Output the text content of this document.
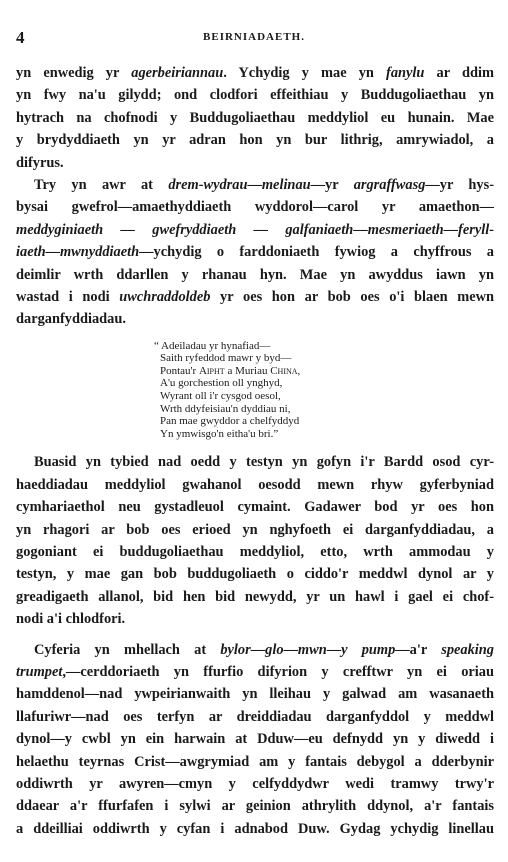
4	BEIRNIADAETH.
yn enwedig yr agerbeiriannau. Ychydig y mae yn fanylu ar ddim
yn fwy na'u gilydd; ond clodfori effeithiau y Buddugoliaethau yn
hytrach na chofnodi y Buddugoliaethau meddyliol eu hunain. Mae
y brydyddiaeth yn yr adran hon yn bur lithrig, amrywiadol, a
difyrus.
Try yn awr at drem-wydrau—melinau—yr argraffwasg—yr hys-
bysai gwefrol—amaethyddiaeth wyddorol—carol yr amaethon—
meddyginiaeth — gwefryddiaeth — galfaniaeth—mesmeriaeth—feryll-
iaeth—mwnyddiaeth—ychydig o farddoniaeth fywiog a chyffrous a
deimlir wrth ddarllen y rhanau hyn. Mae yn awyddus iawn yn
wastad i nodi uwchraddoldeb yr oes hon ar bob oes o'i blaen mewn
darganfyddiadau.
“ Adeiladau yr hynafiad—
Saith ryfeddod mawr y byd—
Pontau'r Aipht a Muriau China,
A'u gorchestion oll ynghyd,
Wyrant oll i'r cysgod oesol,
Wrth ddyfeisiau'n dyddiau ni,
Pan mae gwyddor a chelfyddyd
Yn ymwisgo'n eitha'u bri.”
Buasid yn tybied nad oedd y testyn yn gofyn i'r Bardd osod cyr-
haeddiadau meddyliol gwahanol oesodd mewn rhyw gyferbyniad
cymhariaethol neu gystadleuol cymaint. Gadawer bod yr oes hon
yn rhagori ar bob oes erioed yn nghyfoeth ei darganfyddiadau, a
gogoniant ei buddugoliaethau meddyliol, etto, wrth ammodau y
testyn, y mae gan bob buddugoliaeth o ciddo'r meddwl dynol ar y
greadigaeth allanol, bid hen bid newydd, yr un hawl i gael ei chof-
nodi a'i chlodfori.
Cyferia yn mhellach at bylor—glo—mwn—y pump—a'r speaking
trumpet,—cerddoriaeth yn ffurfio difyrion y crefftwr yn ei oriau
hamddenol—nad ywpeirianwaith yn lleihau y galwad am wasanaeth
llafuriwr—nad oes terfyn ar dreiddiadau darganfyddol y meddwl
dynol—y cwbl yn ein harwain at Dduw—eu defnydd yn y diwedd i
helaethu teyrnas Crist—awgrymiad am y fantais debygol a dderbynir
oddiwrth yr awyren—cmyn y celfyddydwr wedi tramwy trwy'r
ddaear a'r ffurfafen i sylwi ar geinion athrylith ddynol, a'r fantais
a ddeilliai oddiwrth y cyfan i adnabod Duw. Gydag ychydig linellau
